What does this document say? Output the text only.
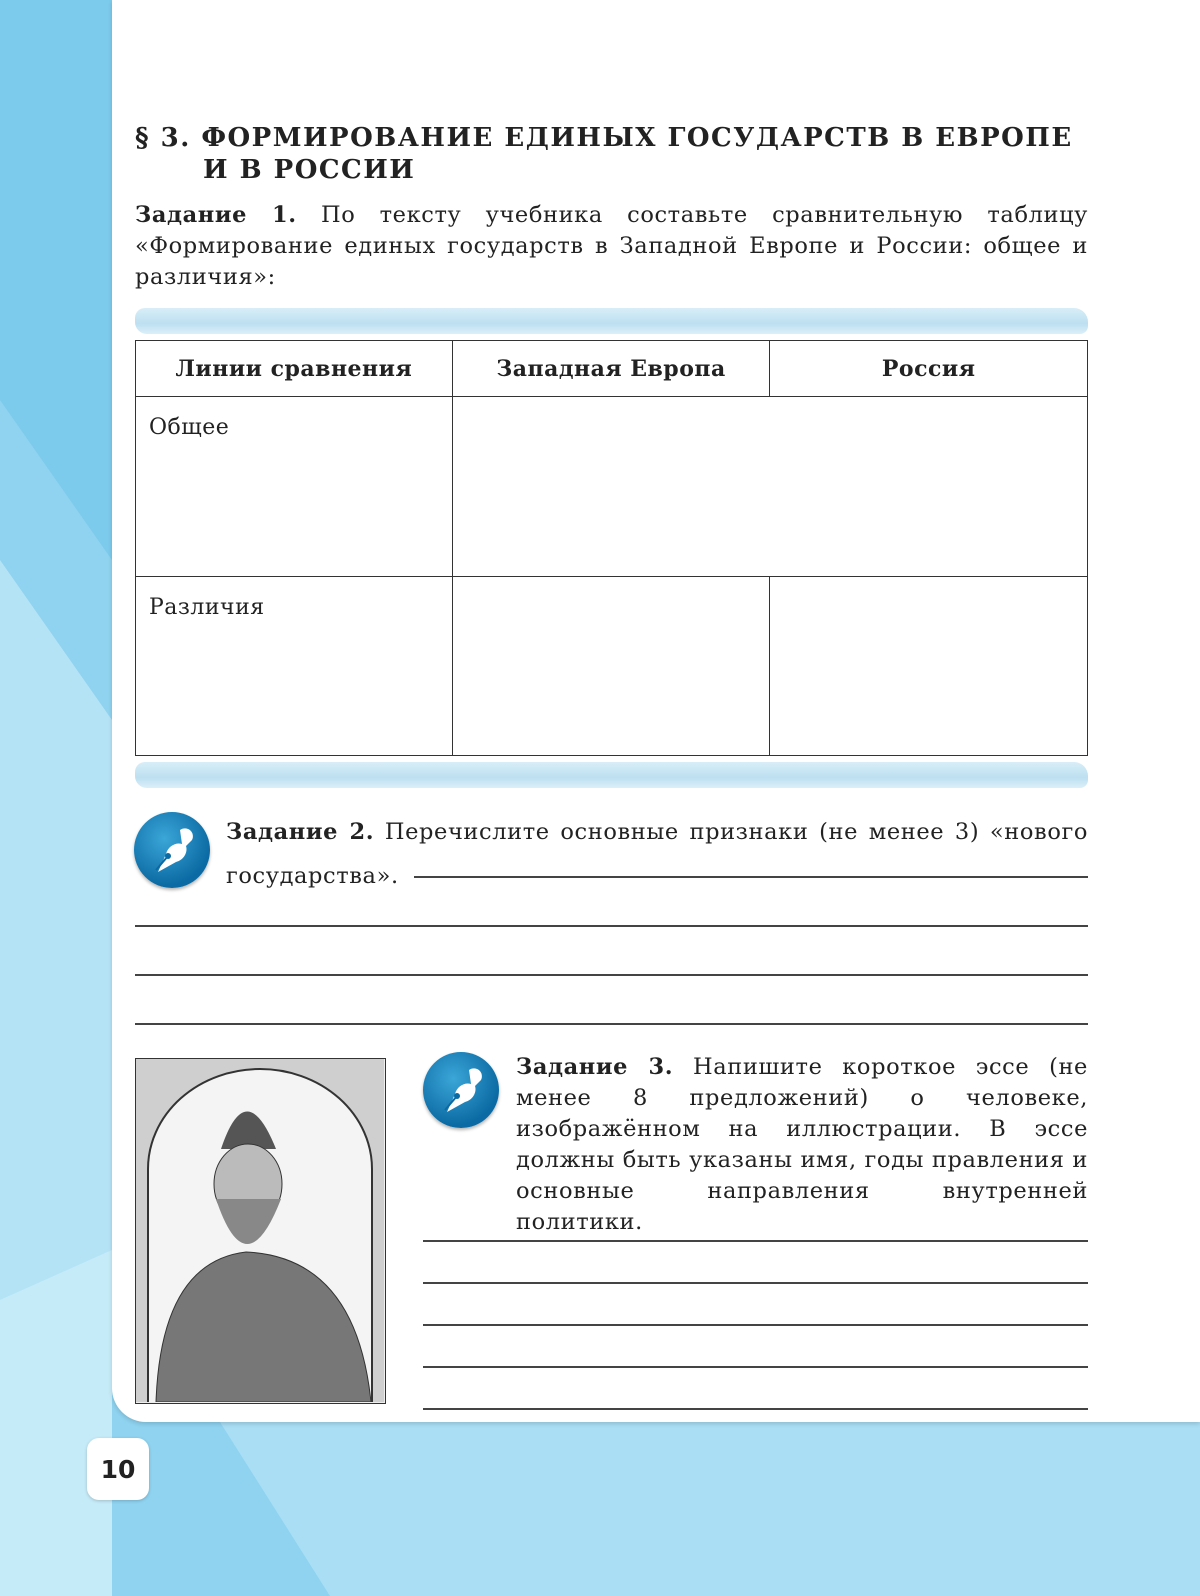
§ 3. ФОРМИРОВАНИЕ ЕДИНЫХ ГОСУДАРСТВ В ЕВРОПЕ
И В РОССИИ
Задание 1. По тексту учебника составьте сравнительную таблицу «Формирование единых государств в Западной Европе и России: общее и различия»:
Линии сравнения	Западная Европа	Россия
Общее		
Различия		
Задание 2. Перечислите основные признаки (не менее 3) «нового государства».
Задание 3. Напишите короткое эссе (не менее 8 предложений) о человеке, изображённом на иллюстрации. В эссе должны быть указаны имя, годы правления и основные направления внутренней политики.
10
